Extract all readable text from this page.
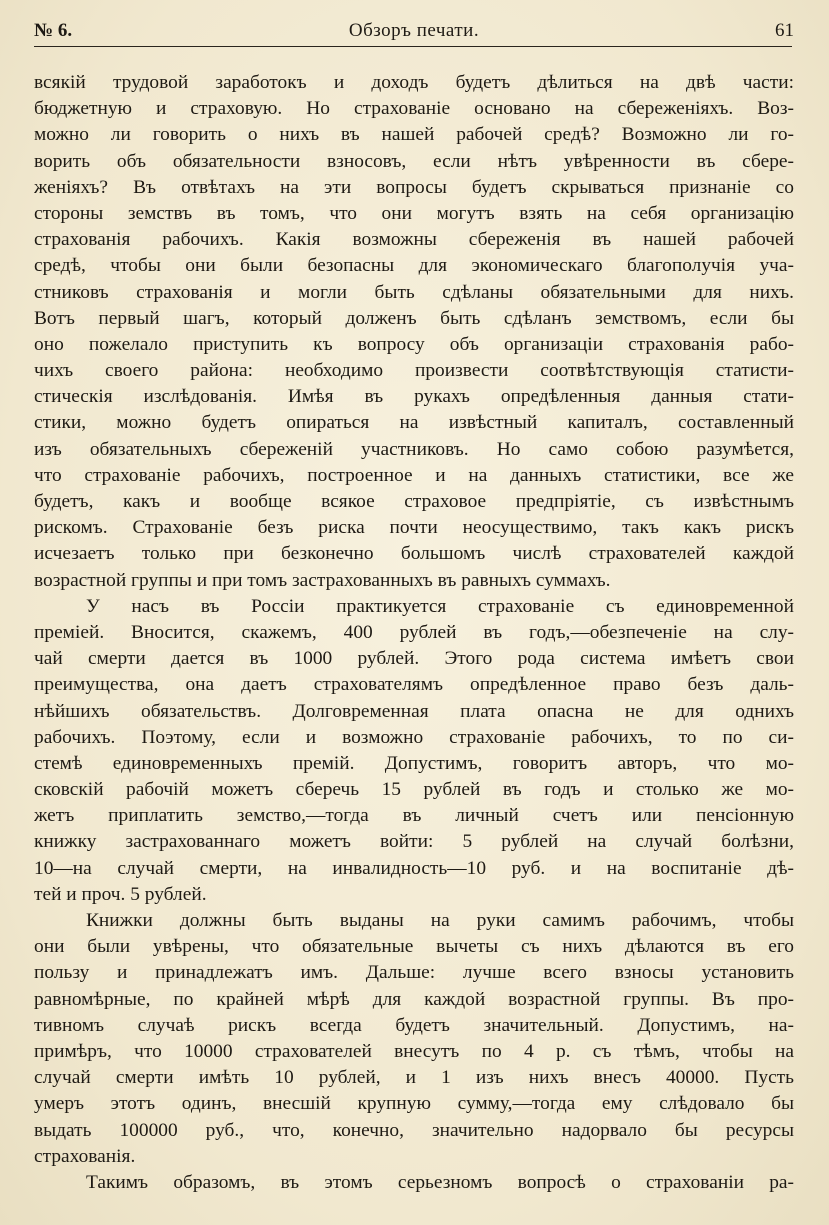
№ 6.	Обзоръ печати.	61
всякій трудовой заработокъ и доходъ будетъ дѣлиться на двѣ части:
бюджетную и страховую. Но страхованіе основано на сбереженіяхъ. Воз-
можно ли говорить о нихъ въ нашей рабочей средѣ? Возможно ли го-
ворить объ обязательности взносовъ, если нѣтъ увѣренности въ сбере-
женіяхъ? Въ отвѣтахъ на эти вопросы будетъ скрываться признаніе со
стороны земствъ въ томъ, что они могутъ взять на себя организацію
страхованія рабочихъ. Какія возможны сбереженія въ нашей рабочей
средѣ, чтобы они были безопасны для экономическаго благополучія уча-
стниковъ страхованія и могли быть сдѣланы обязательными для нихъ.
Вотъ первый шагъ, который долженъ быть сдѣланъ земствомъ, если бы
оно пожелало приступить къ вопросу объ организаціи страхованія рабо-
чихъ своего района: необходимо произвести соотвѣтствующія статисти-
стическія изслѣдованія. Имѣя въ рукахъ опредѣленныя данныя стати-
стики, можно будетъ опираться на извѣстный капиталъ, составленный
изъ обязательныхъ сбереженій участниковъ. Но само собою разумѣется,
что страхованіе рабочихъ, построенное и на данныхъ статистики, все же
будетъ, какъ и вообще всякое страховое предпріятіе, съ извѣстнымъ
рискомъ. Страхованіе безъ риска почти неосуществимо, такъ какъ рискъ
исчезаетъ только при безконечно большомъ числѣ страхователей каждой
возрастной группы и при томъ застрахованныхъ въ равныхъ суммахъ.
У насъ въ Россіи практикуется страхованіе съ единовременной
преміей. Вносится, скажемъ, 400 рублей въ годъ,—обезпеченіе на слу-
чай смерти дается въ 1000 рублей. Этого рода система имѣетъ свои
преимущества, она даетъ страхователямъ опредѣленное право безъ даль-
нѣйшихъ обязательствъ. Долговременная плата опасна не для однихъ
рабочихъ. Поэтому, если и возможно страхованіе рабочихъ, то по си-
стемѣ единовременныхъ премій. Допустимъ, говоритъ авторъ, что мо-
сковскій рабочій можетъ сберечь 15 рублей въ годъ и столько же мо-
жетъ приплатить земство,—тогда въ личный счетъ или пенсіонную
книжку застрахованнаго можетъ войти: 5 рублей на случай болѣзни,
10—на случай смерти, на инвалидность—10 руб. и на воспитаніе дѣ-
тей и проч. 5 рублей.
Книжки должны быть выданы на руки самимъ рабочимъ, чтобы
они были увѣрены, что обязательные вычеты съ нихъ дѣлаются въ его
пользу и принадлежатъ имъ. Дальше: лучше всего взносы установить
равномѣрные, по крайней мѣрѣ для каждой возрастной группы. Въ про-
тивномъ случаѣ рискъ всегда будетъ значительный. Допустимъ, на-
примѣръ, что 10000 страхователей внесутъ по 4 р. съ тѣмъ, чтобы на
случай смерти имѣть 10 рублей, и 1 изъ нихъ внесъ 40000. Пусть
умеръ этотъ одинъ, внесшій крупную сумму,—тогда ему слѣдовало бы
выдать 100000 руб., что, конечно, значительно надорвало бы ресурсы
страхованія.
Такимъ образомъ, въ этомъ серьезномъ вопросѣ о страхованіи ра-
